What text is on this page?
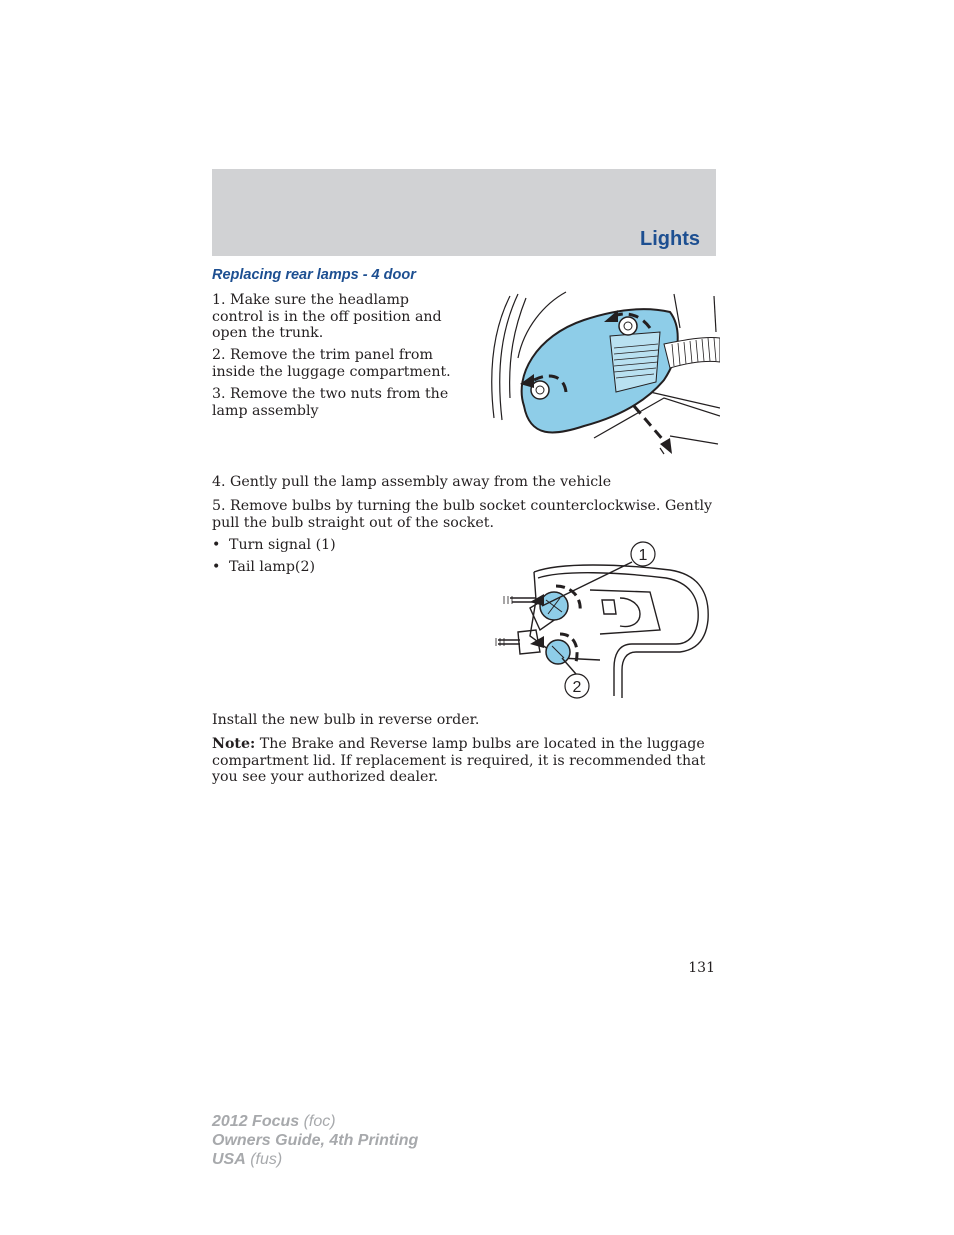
Lights
Replacing rear lamps - 4 door

1. Make sure the headlamp control is in the off position and open the trunk.

2. Remove the trim panel from inside the luggage compartment.

3. Remove the two nuts from the lamp assembly

4. Gently pull the lamp assembly away from the vehicle

5. Remove bulbs by turning the bulb socket counterclockwise. Gently pull the bulb straight out of the socket.

• Turn signal (1)
• Tail lamp(2)
1
2

Install the new bulb in reverse order.

Note: The Brake and Reverse lamp bulbs are located in the luggage compartment lid. If replacement is required, it is recommended that you see your authorized dealer.

131
2012 Focus (foc)
Owners Guide, 4th Printing
USA (fus)
